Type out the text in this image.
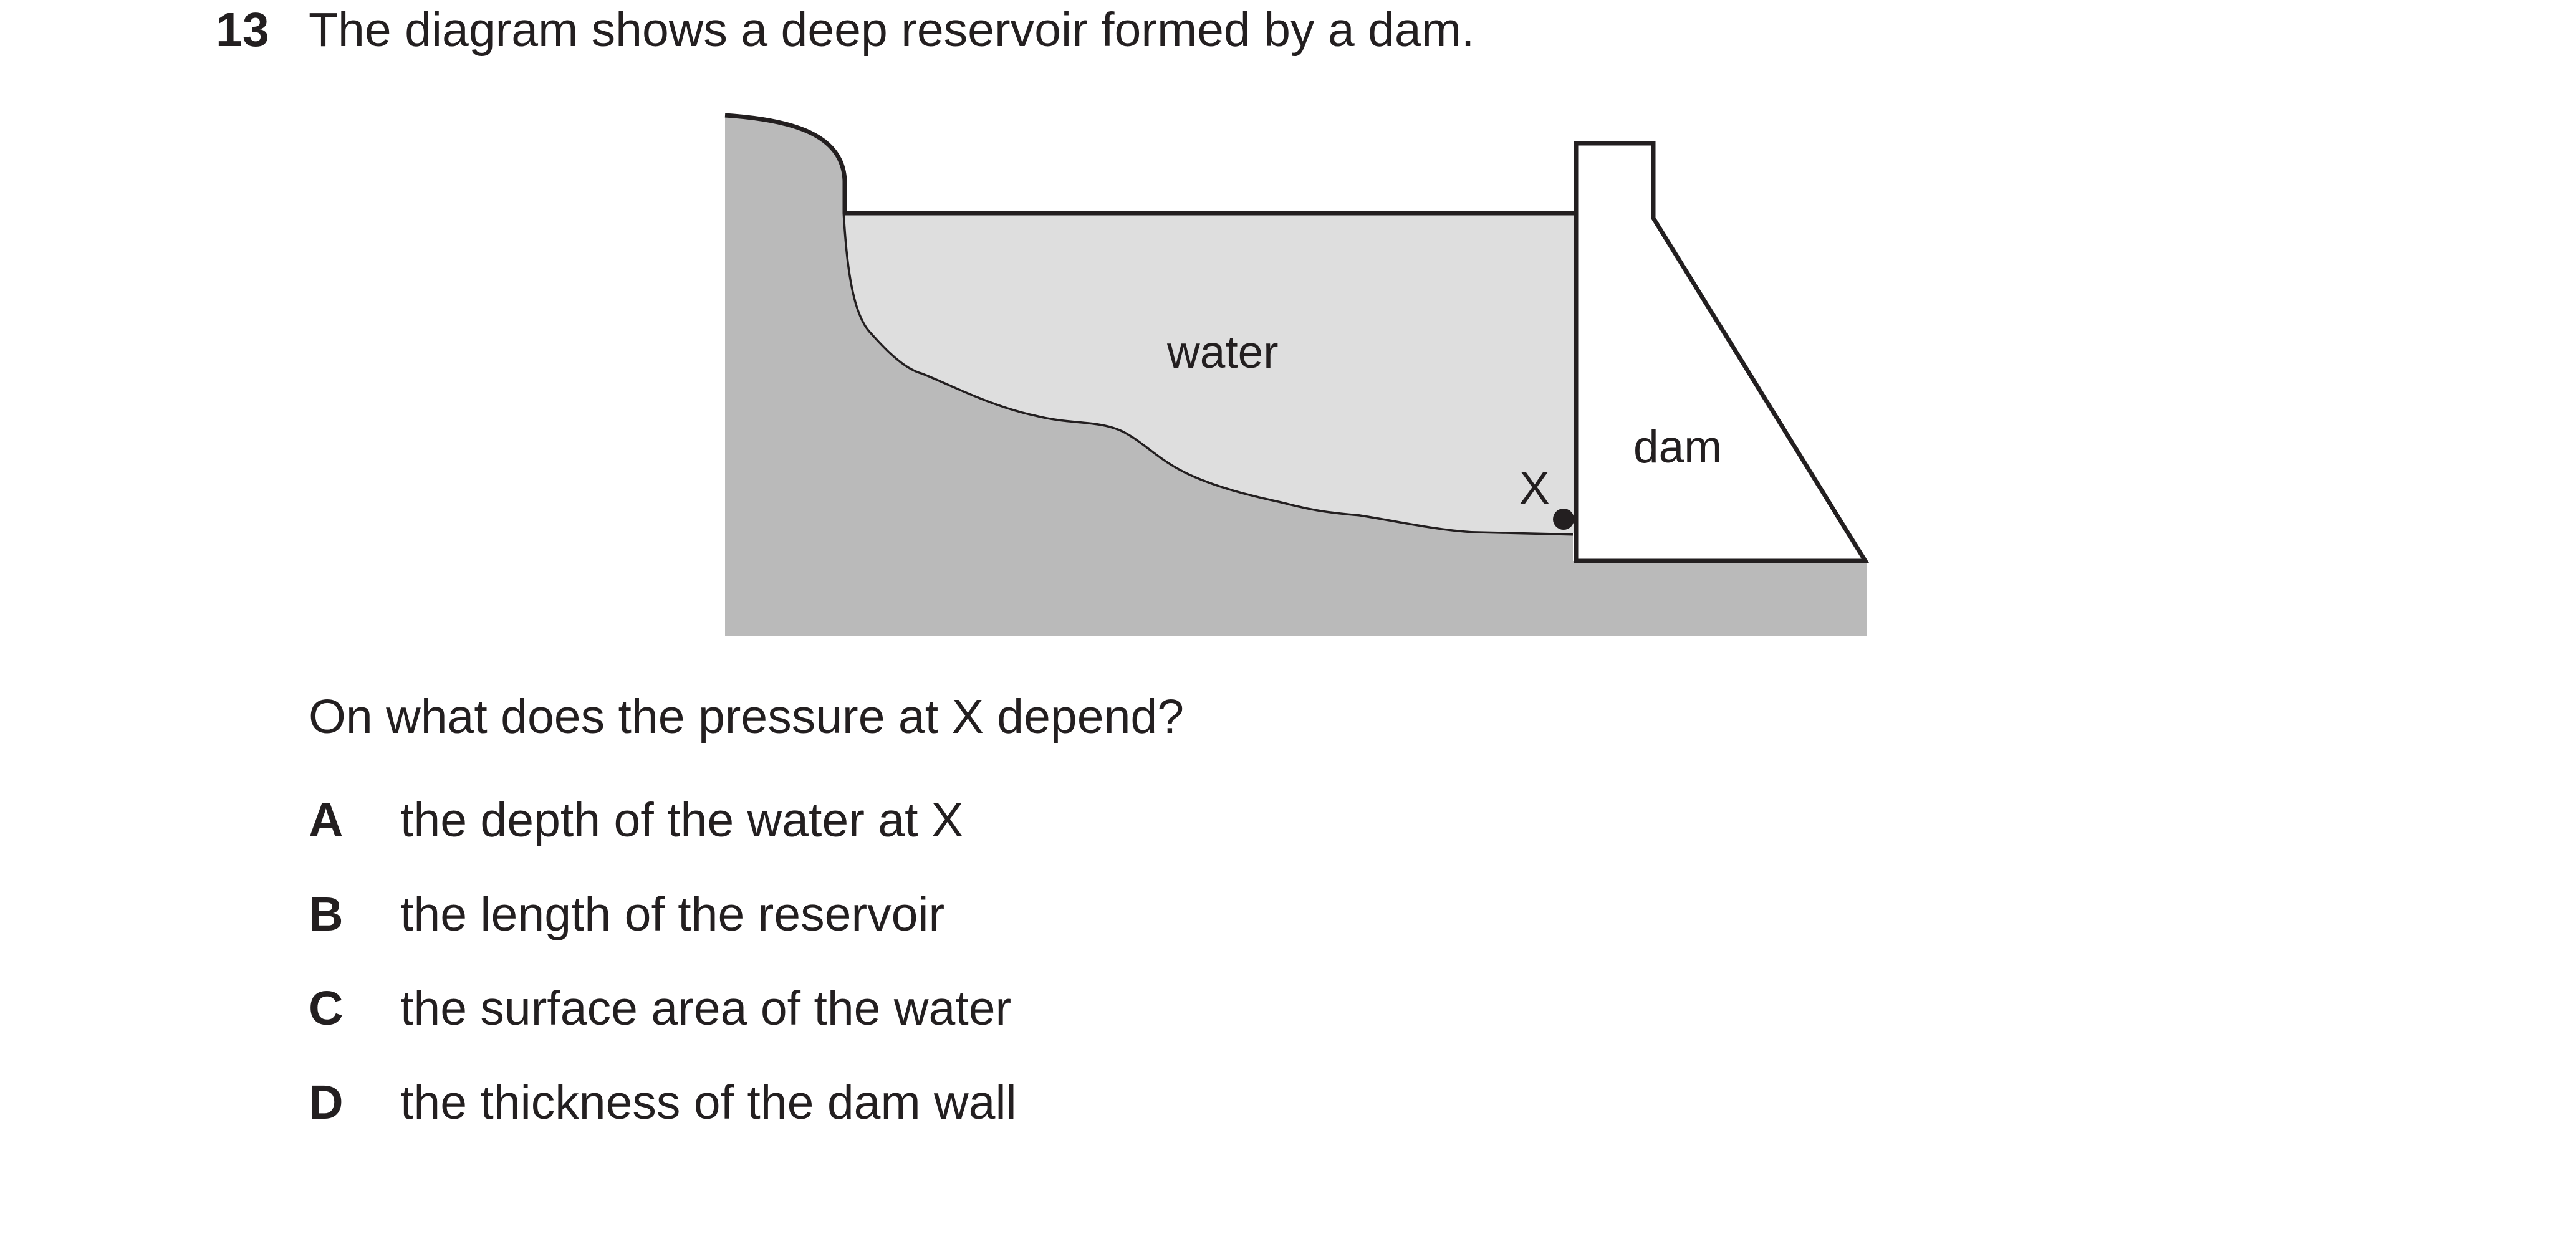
13 The diagram shows a deep reservoir formed by a dam.
water
dam
X
On what does the pressure at X depend?
A the depth of the water at X
B the length of the reservoir
C the surface area of the water
D the thickness of the dam wall
